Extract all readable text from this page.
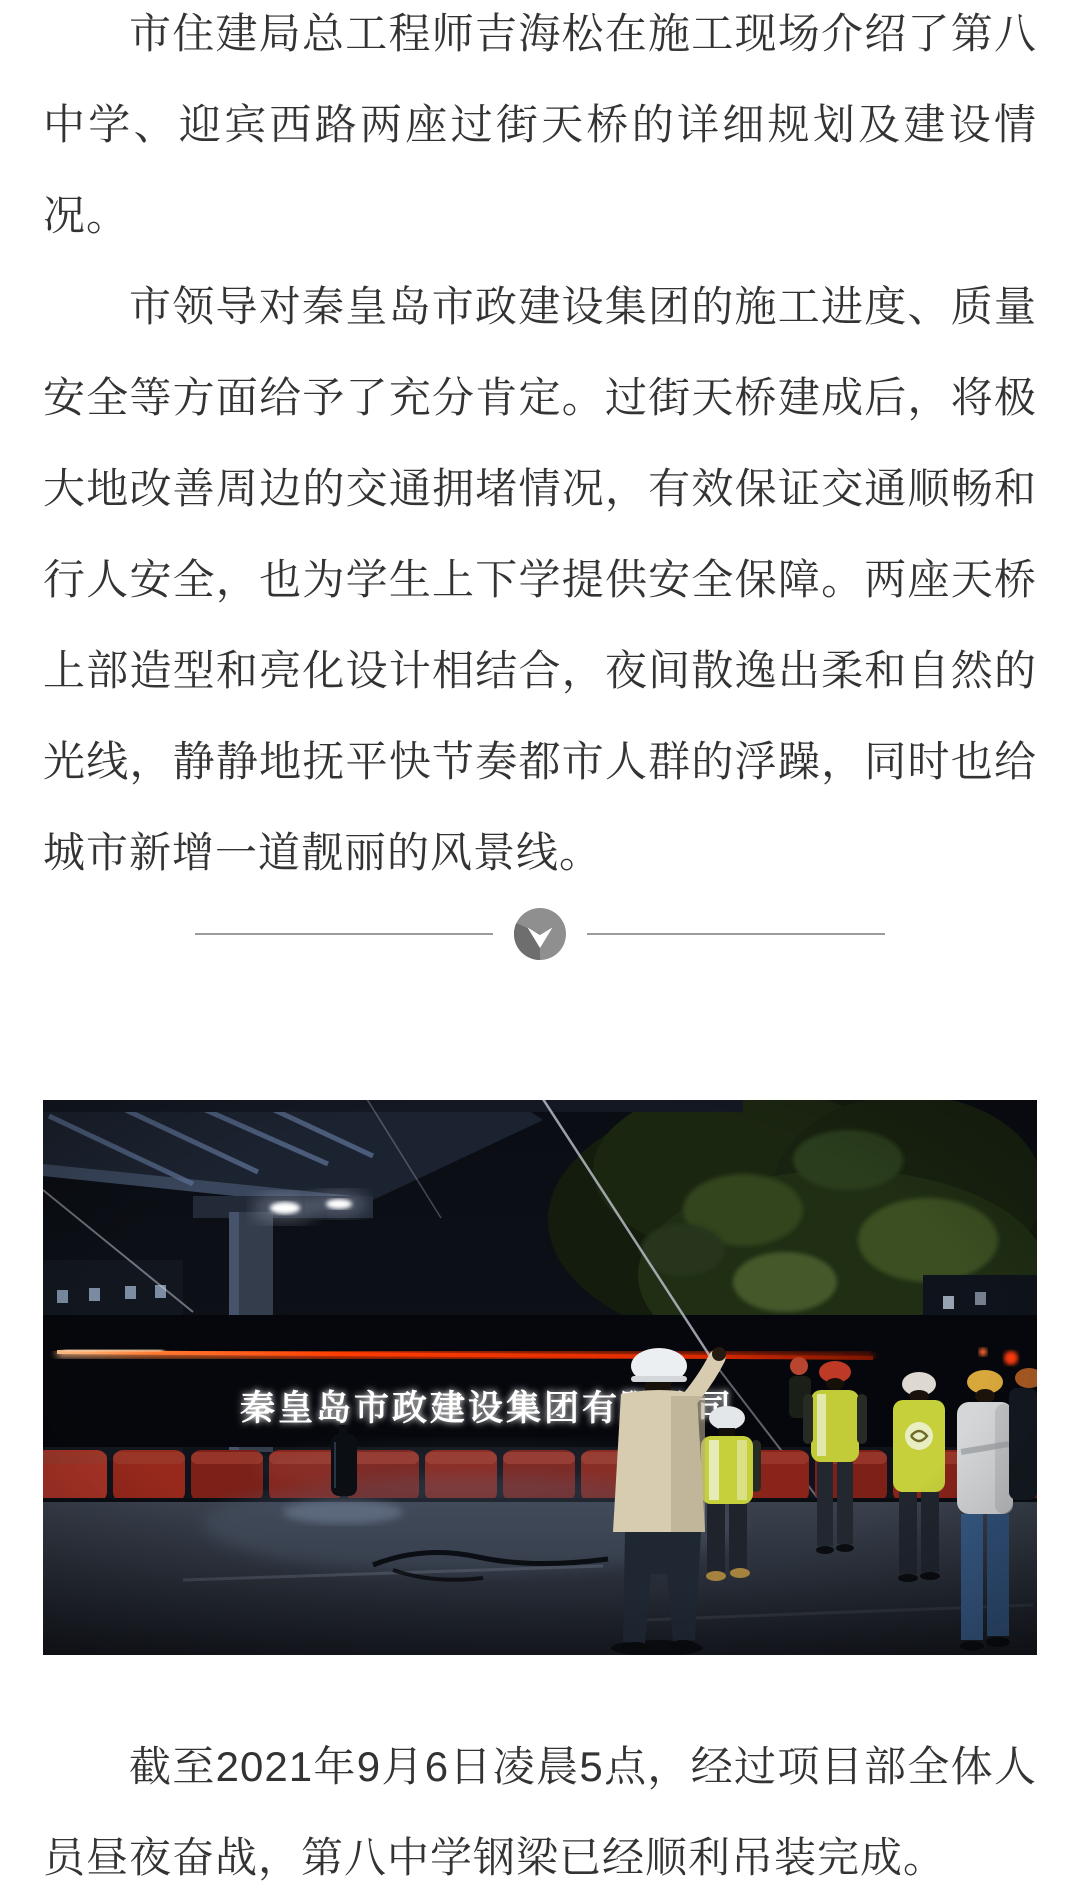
市住建局总工程师吉海松在施工现场介绍了第八中学、迎宾西路两座过街天桥的详细规划及建设情况。

市领导对秦皇岛市政建设集团的施工进度、质量安全等方面给予了充分肯定。过街天桥建成后，将极大地改善周边的交通拥堵情况，有效保证交通顺畅和行人安全，也为学生上下学提供安全保障。两座天桥上部造型和亮化设计相结合，夜间散逸出柔和自然的光线，静静地抚平快节奏都市人群的浮躁，同时也给城市新增一道靓丽的风景线。

截至2021年9月6日凌晨5点，经过项目部全体人员昼夜奋战，第八中学钢梁已经顺利吊装完成。
